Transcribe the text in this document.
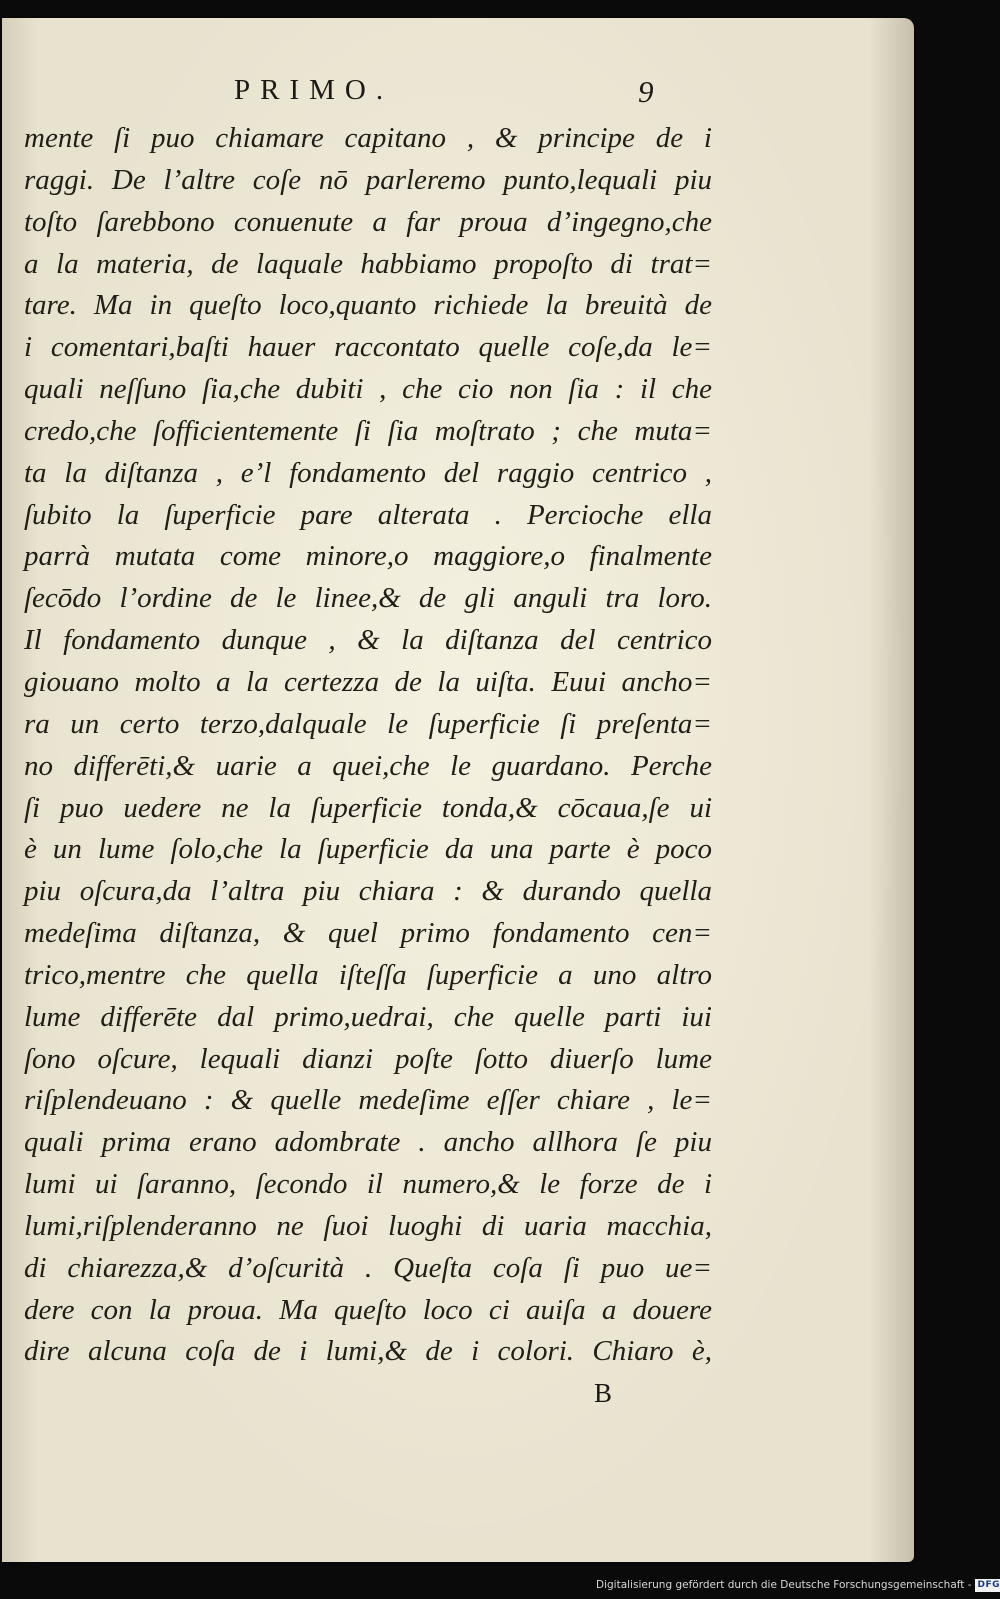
PRIMO.	9
mente ſi puo chiamare capitano , & principe de i
raggi. De l’altre coſe nō parleremo punto,lequali piu
toſto ſarebbono conuenute a far proua d’ingegno,che
a la materia, de laquale habbiamo propoſto di trat=
tare. Ma in queſto loco,quanto richiede la breuità de
i comentari,baſti hauer raccontato quelle coſe,da le=
quali neſſuno ſia,che dubiti , che cio non ſia : il che
credo,che ſofficientemente ſi ſia moſtrato ; che muta=
ta la diſtanza , e’l fondamento del raggio centrico ,
ſubito la ſuperficie pare alterata . Percioche ella
parrà mutata come minore,o maggiore,o finalmente
ſecōdo l’ordine de le linee,& de gli anguli tra loro.
Il fondamento dunque , & la diſtanza del centrico
giouano molto a la certezza de la uiſta. Euui ancho=
ra un certo terzo,dalquale le ſuperficie ſi preſenta=
no differēti,& uarie a quei,che le guardano. Perche
ſi puo uedere ne la ſuperficie tonda,& cōcaua,ſe ui
è un lume ſolo,che la ſuperficie da una parte è poco
piu oſcura,da l’altra piu chiara : & durando quella
medeſima diſtanza, & quel primo fondamento cen=
trico,mentre che quella iſteſſa ſuperficie a uno altro
lume differēte dal primo,uedrai, che quelle parti iui
ſono oſcure, lequali dianzi poſte ſotto diuerſo lume
riſplendeuano : & quelle medeſime eſſer chiare , le=
quali prima erano adombrate . ancho allhora ſe piu
lumi ui ſaranno, ſecondo il numero,& le forze de i
lumi,riſplenderanno ne ſuoi luoghi di uaria macchia,
di chiarezza,& d’oſcurità . Queſta coſa ſi puo ue=
dere con la proua. Ma queſto loco ci auiſa a douere
dire alcuna coſa de i lumi,& de i colori. Chiaro è,
B
Digitalisierung gefördert durch die Deutsche Forschungsgemeinschaft - DFG
